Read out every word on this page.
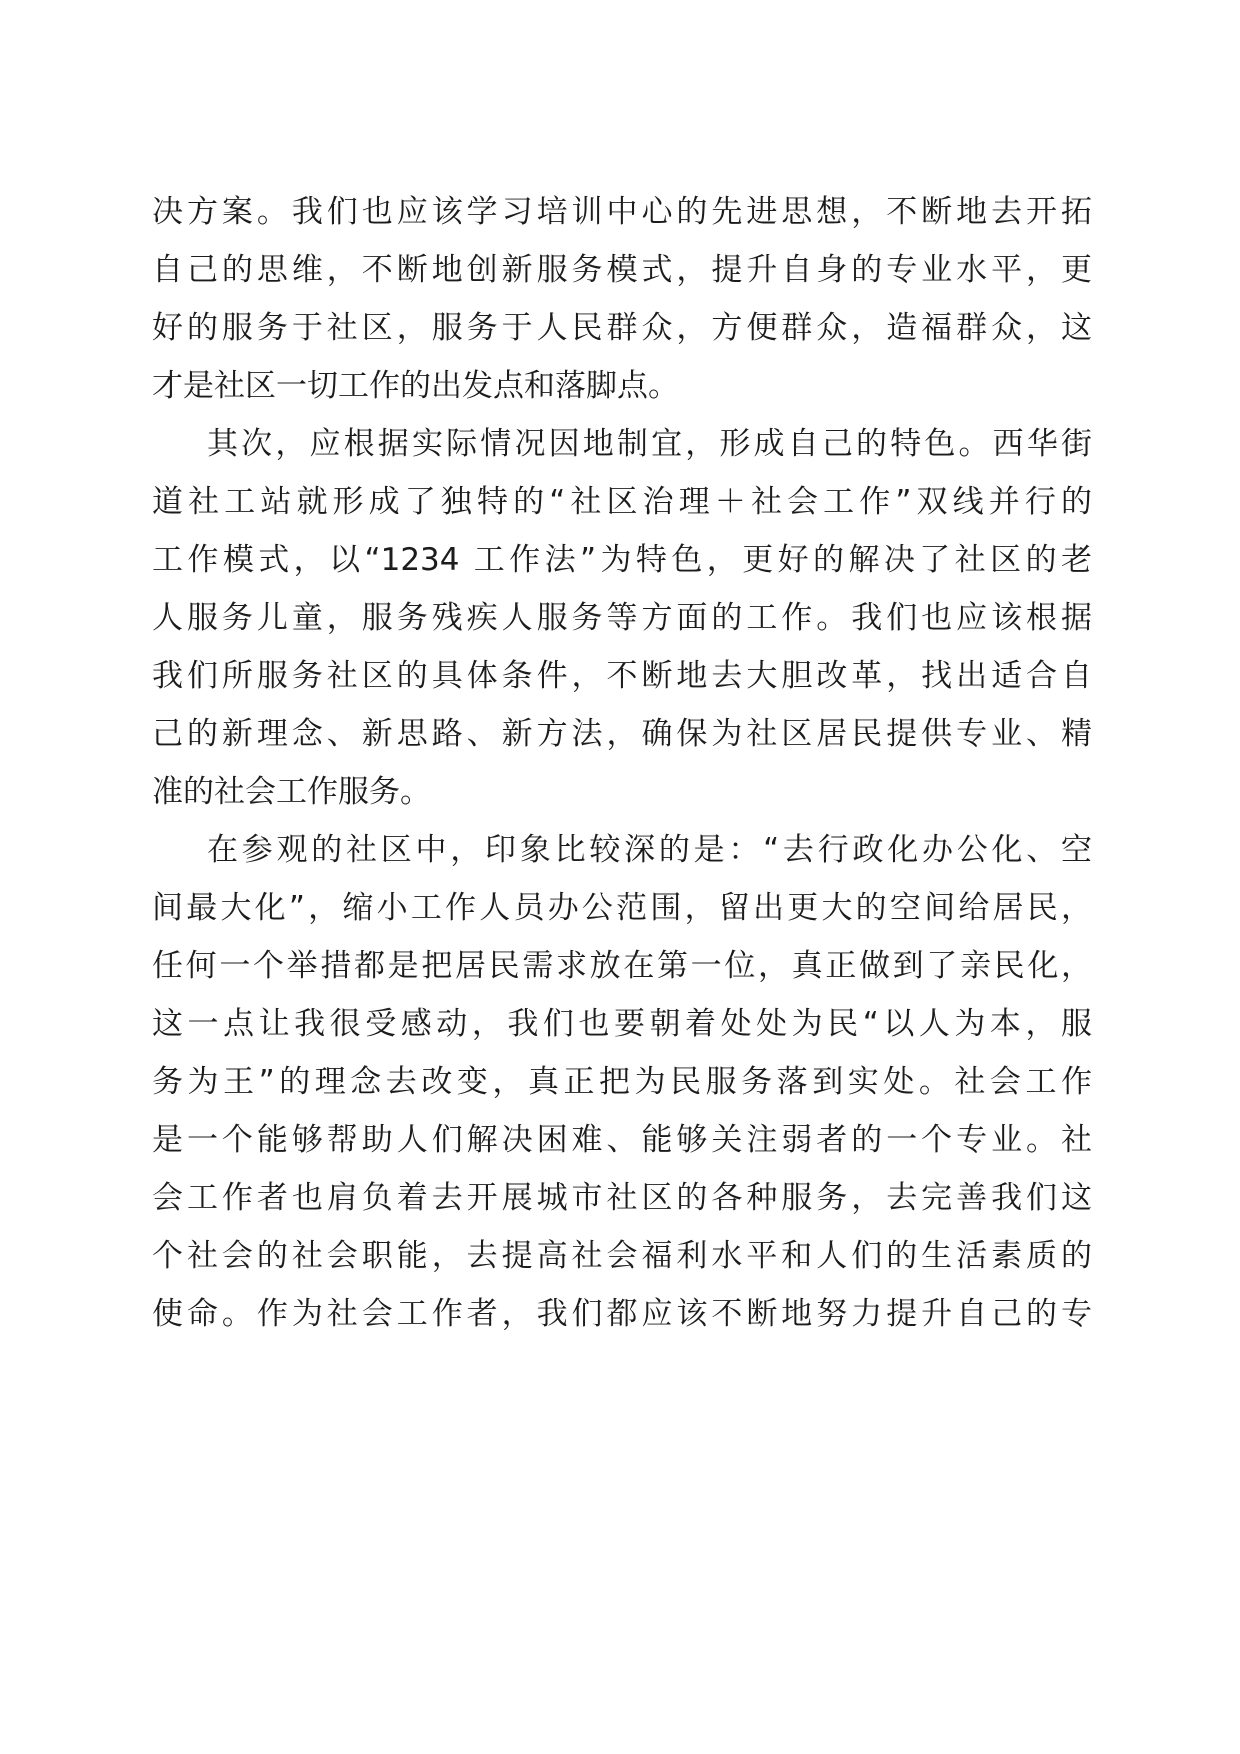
决方案。我们也应该学习培训中心的先进思想，不断地去开拓
自己的思维，不断地创新服务模式，提升自身的专业水平，更
好的服务于社区，服务于人民群众，方便群众，造福群众，这
才是社区一切工作的出发点和落脚点。
其次，应根据实际情况因地制宜，形成自己的特色。西华街
道社工站就形成了独特的“社区治理＋社会工作”双线并行的
工作模式，以“1234 工作法”为特色，更好的解决了社区的老
人服务儿童，服务残疾人服务等方面的工作。我们也应该根据
我们所服务社区的具体条件，不断地去大胆改革，找出适合自
己的新理念、新思路、新方法，确保为社区居民提供专业、精
准的社会工作服务。
在参观的社区中，印象比较深的是：“去行政化办公化、空
间最大化”，缩小工作人员办公范围，留出更大的空间给居民，
任何一个举措都是把居民需求放在第一位，真正做到了亲民化，
这一点让我很受感动，我们也要朝着处处为民“以人为本，服
务为王”的理念去改变，真正把为民服务落到实处。社会工作
是一个能够帮助人们解决困难、能够关注弱者的一个专业。社
会工作者也肩负着去开展城市社区的各种服务，去完善我们这
个社会的社会职能，去提高社会福利水平和人们的生活素质的
使命。作为社会工作者，我们都应该不断地努力提升自己的专
